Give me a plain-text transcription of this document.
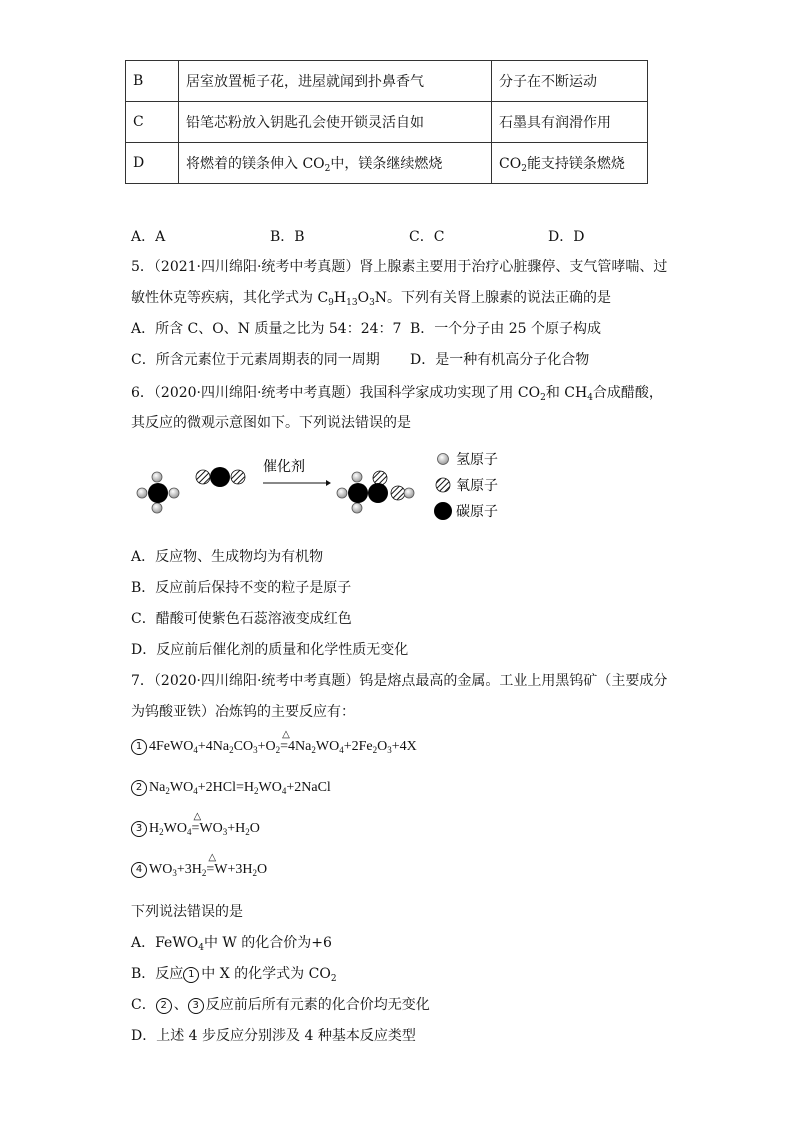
B	居室放置栀子花，进屋就闻到扑鼻香气	分子在不断运动
C	铅笔芯粉放入钥匙孔会使开锁灵活自如	石墨具有润滑作用
D	将燃着的镁条伸入 $CO_2$中，镁条继续燃烧	$CO_2$能支持镁条燃烧
A．A	B．B	C．C	D．D
5．（2021·四川绵阳·统考中考真题）肾上腺素主要用于治疗心脏骤停、支气管哮喘、过
敏性休克等疾病，其化学式为 $C_9H_{13}O_3N$。下列有关肾上腺素的说法正确的是
A．所含 C、O、N 质量之比为 54：24：7 B．一个分子由 25 个原子构成
C．所含元素位于元素周期表的同一周期 D．是一种有机高分子化合物
6．（2020·四川绵阳·统考中考真题）我国科学家成功实现了用 $CO_2$和 $CH_4$合成醋酸，
其反应的微观示意图如下。下列说法错误的是
催化剂	氢原子
氧原子
碳原子
A．反应物、生成物均为有机物
B．反应前后保持不变的粒子是原子
C．醋酸可使紫色石蕊溶液变成红色
D．反应前后催化剂的质量和化学性质无变化
7．（2020·四川绵阳·统考中考真题）钨是熔点最高的金属。工业上用黑钨矿（主要成分
为钨酸亚铁）冶炼钨的主要反应有：
1 $4FeWO_4+4Na_2CO_3+O_2$
△
$=4Na_2WO_4+2Fe_2O_3+4X$
2 $Na_2WO_4+2HCl=H_2WO_4+2NaCl$
3 $H_2WO_4$
△
$=WO_3+H_2O$
4 $WO_3+3H_2$
△
$=W+3H_2O$
下列说法错误的是
A．FeWO$_4$中 W 的化合价为+6
B．反应 1 中 X 的化学式为 $CO_2$
C． 2 、 3 反应前后所有元素的化合价均无变化
D．上述 4 步反应分别涉及 4 种基本反应类型
